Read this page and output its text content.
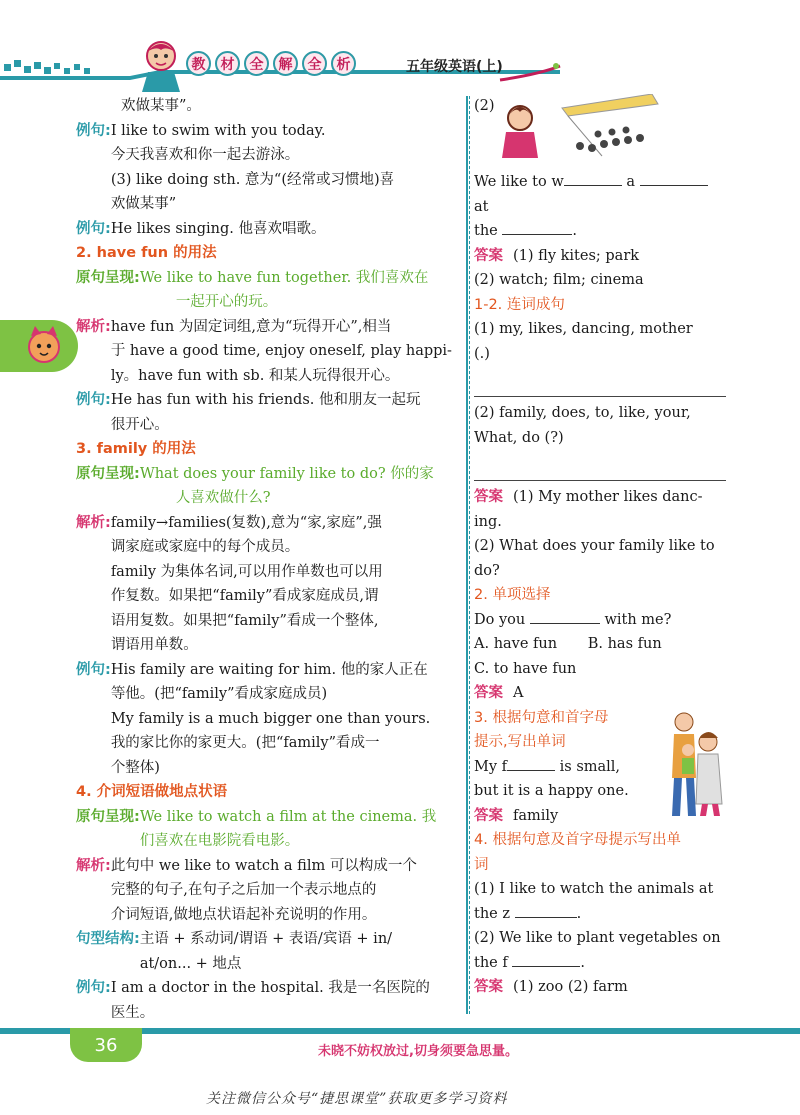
教	材	全	解	全	析	五年级英语(上)

欢做某事”。

例句: I like to swim with you today.
今天我喜欢和你一起去游泳。
(3) like doing sth. 意为“(经常或习惯地)喜
欢做某事”
例句: He likes singing. 他喜欢唱歌。
2. have fun 的用法
原句呈现: We like to have fun together. 我们喜欢在
一起开心的玩。
解析: have fun 为固定词组,意为“玩得开心”,相当
于 have a good time, enjoy oneself, play happi-
ly。have fun with sb. 和某人玩得很开心。
例句: He has fun with his friends. 他和朋友一起玩
很开心。
3. family 的用法
原句呈现: What does your family like to do? 你的家
人喜欢做什么?
解析: family→families(复数),意为“家,家庭”,强
调家庭或家庭中的每个成员。
family 为集体名词,可以用作单数也可以用
作复数。如果把“family”看成家庭成员,谓
语用复数。如果把“family”看成一个整体,
谓语用单数。
例句: His family are waiting for him. 他的家人正在
等他。(把“family”看成家庭成员)
My family is a much bigger one than yours.
我的家比你的家更大。(把“family”看成一
个整体)
4. 介词短语做地点状语
原句呈现: We like to watch a film at the cinema. 我
们喜欢在电影院看电影。
解析: 此句中 we like to watch a film 可以构成一个
完整的句子,在句子之后加一个表示地点的
介词短语,做地点状语起补充说明的作用。
句型结构: 主语 + 系动词/谓语 + 表语/宾语 + in/
at/on... + 地点
例句: I am a doctor in the hospital. 我是一名医院的
医生。
(2)
We like to w	a  at
the	.
答案 (1) fly kites; park
(2) watch; film; cinema
1-2. 连词成句
(1) my, likes, dancing, mother
(.)
(2) family, does, to, like, your,
What, do (?)
答案 (1) My mother likes danc-
ing.
(2) What does your family like to
do?
2. 单项选择
Do you	with me?
A. have fun B. has fun
C. to have fun
答案 A
3. 根据句意和首字母
提示,写出单词
My f	is small,
but it is a happy one.
答案 family
4. 根据句意及首字母提示写出单
词
(1) I like to watch the animals at
the z	.
(2) We like to plant vegetables on
the f	.
答案 (1) zoo (2) farm
36	未晓不妨权放过,切身须要急思量。
关注微信公众号“捷思课堂”获取更多学习资料
